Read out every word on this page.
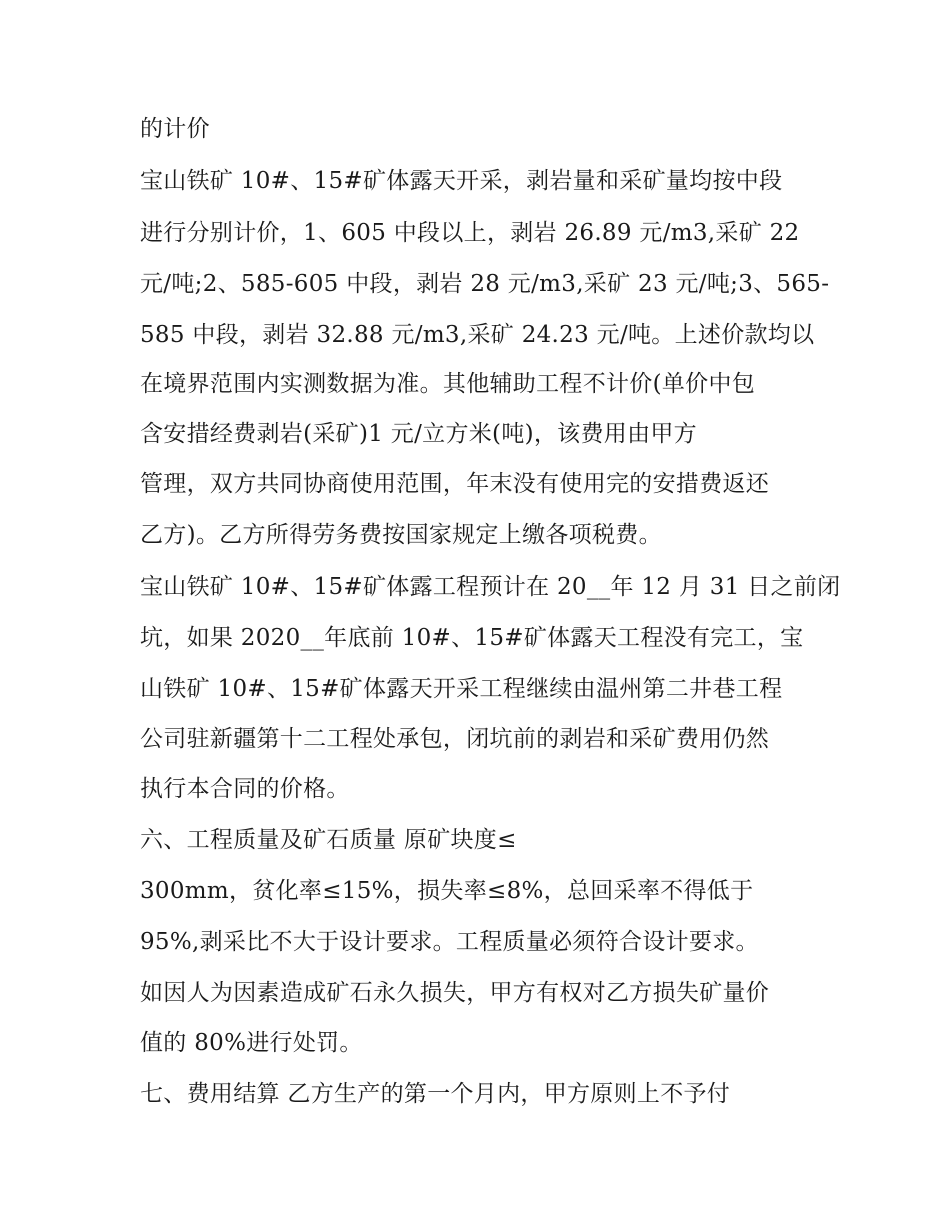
的计价
宝山铁矿 10#、15#矿体露天开采，剥岩量和采矿量均按中段
进行分别计价，1、605 中段以上，剥岩 26.89 元/m3,采矿 22
元/吨;2、585-605 中段，剥岩 28 元/m3,采矿 23 元/吨;3、565-
585 中段，剥岩 32.88 元/m3,采矿 24.23 元/吨。上述价款均以
在境界范围内实测数据为准。其他辅助工程不计价(单价中包
含安措经费剥岩(采矿)1 元/立方米(吨)，该费用由甲方
管理，双方共同协商使用范围，年末没有使用完的安措费返还
乙方)。乙方所得劳务费按国家规定上缴各项税费。
宝山铁矿 10#、15#矿体露工程预计在 20__年 12 月 31 日之前闭
坑，如果 2020__年底前 10#、15#矿体露天工程没有完工，宝
山铁矿 10#、15#矿体露天开采工程继续由温州第二井巷工程
公司驻新疆第十二工程处承包，闭坑前的剥岩和采矿费用仍然
执行本合同的价格。
六、工程质量及矿石质量 原矿块度≤
300mm，贫化率≤15%，损失率≤8%，总回采率不得低于
95%,剥采比不大于设计要求。工程质量必须符合设计要求。
如因人为因素造成矿石永久损失，甲方有权对乙方损失矿量价
值的 80%进行处罚。
七、费用结算 乙方生产的第一个月内，甲方原则上不予付
